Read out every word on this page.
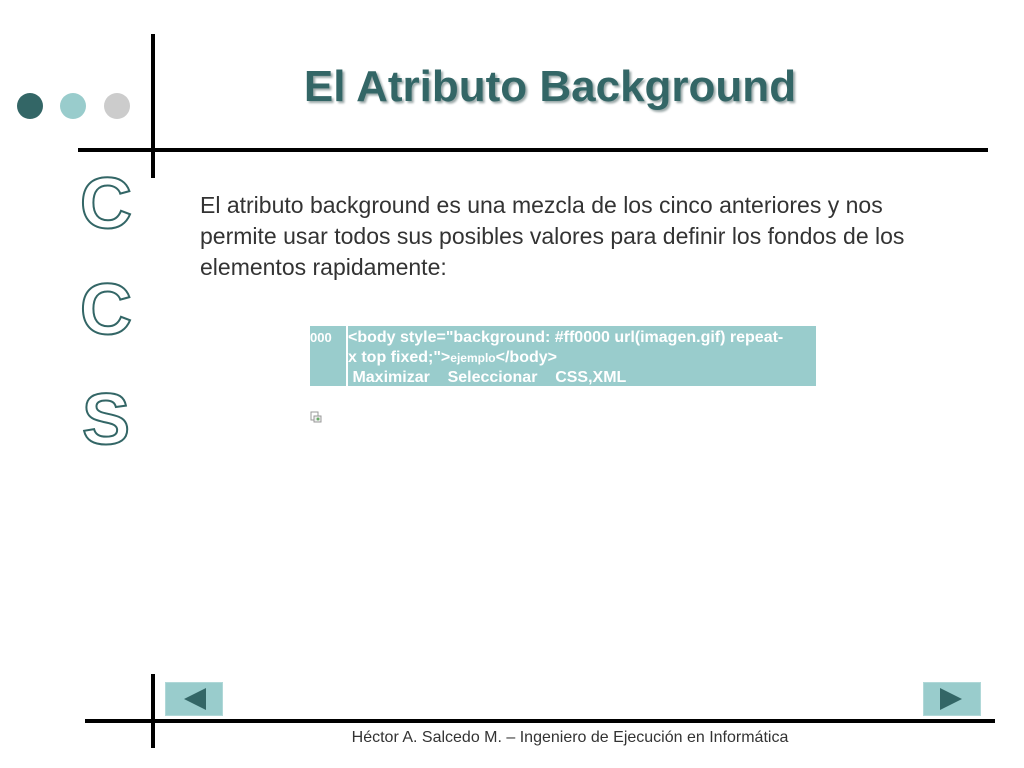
El Atributo Background
C
C
S
El atributo background es una mezcla de los cinco anteriores y nos permite usar todos sus posibles valores para definir los fondos de los elementos rapidamente:
000 <body style="background: #ff0000 url(imagen.gif) repeat-
x top fixed;">ejemplo</body>
Maximizar    Seleccionar    CSS,XML
Héctor A. Salcedo M. – Ingeniero de Ejecución en Informática
